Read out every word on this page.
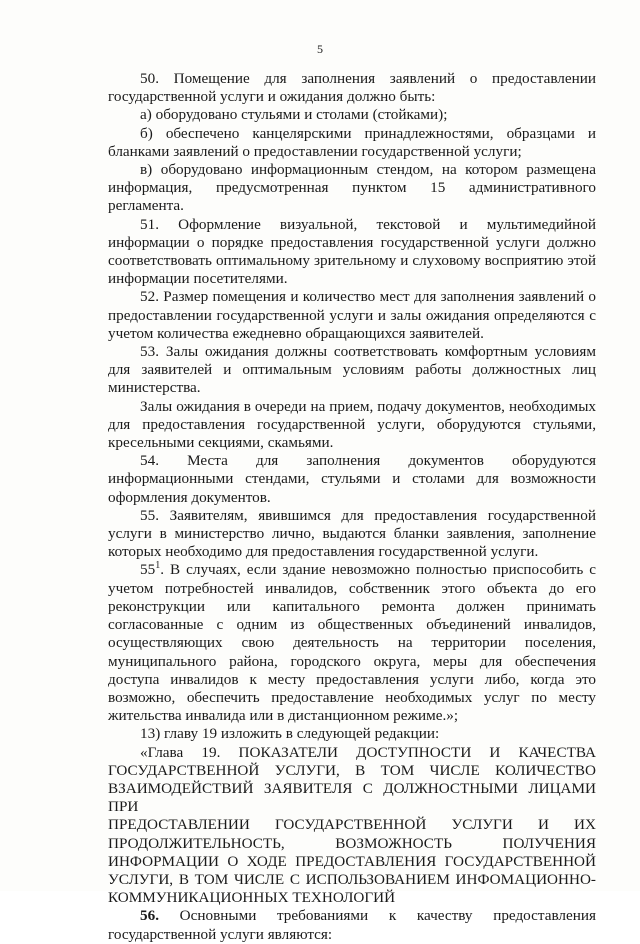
5

50. Помещение для заполнения заявлений о предоставлении государственной услуги и ожидания должно быть:

а) оборудовано стульями и столами (стойками);

б) обеспечено канцелярскими принадлежностями, образцами и бланками заявлений о предоставлении государственной услуги;

в) оборудовано информационным стендом, на котором размещена информация, предусмотренная пунктом 15 административного регламента.

51. Оформление визуальной, текстовой и мультимедийной информации о порядке предоставления государственной услуги должно соответствовать оптимальному зрительному и слуховому восприятию этой информации посетителями.

52. Размер помещения и количество мест для заполнения заявлений о предоставлении государственной услуги и залы ожидания определяются с учетом количества ежедневно обращающихся заявителей.

53. Залы ожидания должны соответствовать комфортным условиям для заявителей и оптимальным условиям работы должностных лиц министерства.

Залы ожидания в очереди на прием, подачу документов, необходимых для предоставления государственной услуги, оборудуются стульями, кресельными секциями, скамьями.

54. Места для заполнения документов оборудуются информационными стендами, стульями и столами для возможности оформления документов.

55. Заявителям, явившимся для предоставления государственной услуги в министерство лично, выдаются бланки заявления, заполнение которых необходимо для предоставления государственной услуги.

$55^1$. В случаях, если здание невозможно полностью приспособить с учетом потребностей инвалидов, собственник этого объекта до его реконструкции или капитального ремонта должен принимать согласованные с одним из общественных объединений инвалидов, осуществляющих свою деятельность на территории поселения, муниципального района, городского округа, меры для обеспечения доступа инвалидов к месту предоставления услуги либо, когда это возможно, обеспечить предоставление необходимых услуг по месту жительства инвалида или в дистанционном режиме.»;

13) главу 19 изложить в следующей редакции:

«Глава 19. ПОКАЗАТЕЛИ ДОСТУПНОСТИ И КАЧЕСТВА
ГОСУДАРСТВЕННОЙ УСЛУГИ, В ТОМ ЧИСЛЕ КОЛИЧЕСТВО
ВЗАИМОДЕЙСТВИЙ ЗАЯВИТЕЛЯ С ДОЛЖНОСТНЫМИ ЛИЦАМИ ПРИ
ПРЕДОСТАВЛЕНИИ ГОСУДАРСТВЕННОЙ УСЛУГИ И ИХ
ПРОДОЛЖИТЕЛЬНОСТЬ, ВОЗМОЖНОСТЬ ПОЛУЧЕНИЯ
ИНФОРМАЦИИ О ХОДЕ ПРЕДОСТАВЛЕНИЯ ГОСУДАРСТВЕННОЙ
УСЛУГИ, В ТОМ ЧИСЛЕ С ИСПОЛЬЗОВАНИЕМ ИНФОМАЦИОННО-
КОММУНИКАЦИОННЫХ ТЕХНОЛОГИЙ

56. Основными требованиями к качеству предоставления государственной услуги являются:
